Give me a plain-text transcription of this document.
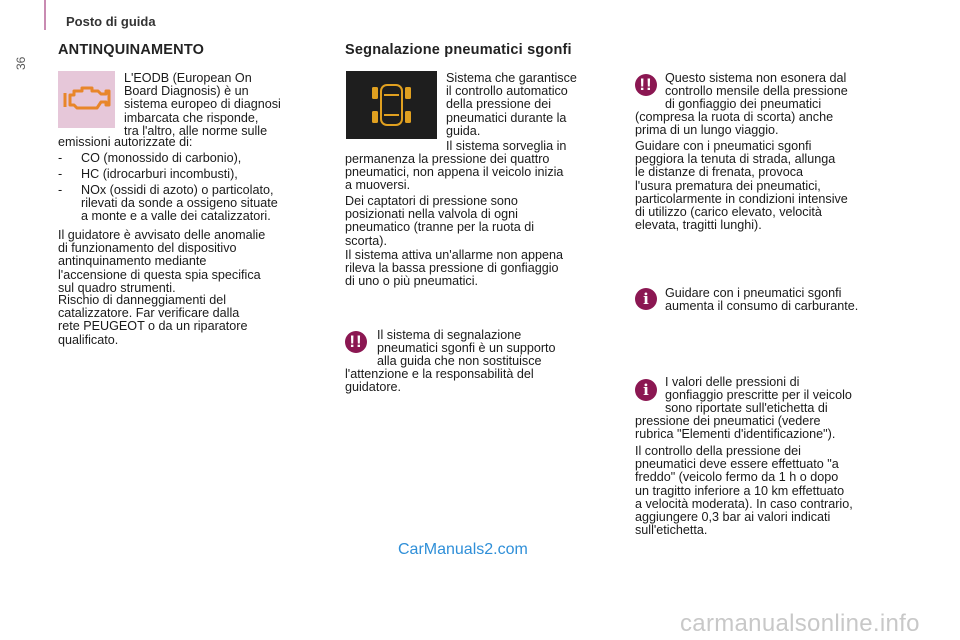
Posto di guida
36
ANTINQUINAMENTO
L'EODB (European On
Board Diagnosis) è un
sistema europeo di diagnosi
imbarcata che risponde,
tra l'altro, alle norme sulle
emissioni autorizzate di:
- CO (monossido di carbonio),
- HC (idrocarburi incombusti),
- NOx (ossidi di azoto) o particolato,
rilevati da sonde a ossigeno situate
a monte e a valle dei catalizzatori.
Il guidatore è avvisato delle anomalie
di funzionamento del dispositivo
antinquinamento mediante
l'accensione di questa spia specifica
sul quadro strumenti.
Rischio di danneggiamenti del
catalizzatore. Far verificare dalla
rete PEUGEOT o da un riparatore
qualificato.
Segnalazione pneumatici sgonfi
Sistema che garantisce
il controllo automatico
della pressione dei
pneumatici durante la
guida.
Il sistema sorveglia in
permanenza la pressione dei quattro
pneumatici, non appena il veicolo inizia
a muoversi.
Dei captatori di pressione sono
posizionati nella valvola di ogni
pneumatico (tranne per la ruota di
scorta).
Il sistema attiva un'allarme non appena
rileva la bassa pressione di gonfiaggio
di uno o più pneumatici.
!!	Il sistema di segnalazione
pneumatici sgonfi è un supporto
alla guida che non sostituisce
l'attenzione e la responsabilità del
guidatore.
!! Questo sistema non esonera dal
controllo mensile della pressione
di gonfiaggio dei pneumatici
(compresa la ruota di scorta) anche
prima di un lungo viaggio.
Guidare con i pneumatici sgonfi
peggiora la tenuta di strada, allunga
le distanze di frenata, provoca
l'usura prematura dei pneumatici,
particolarmente in condizioni intensive
di utilizzo (carico elevato, velocità
elevata, tragitti lunghi).
i	Guidare con i pneumatici sgonfi
aumenta il consumo di carburante.
i	I valori delle pressioni di
gonfiaggio prescritte per il veicolo
sono riportate sull'etichetta di
pressione dei pneumatici (vedere
rubrica "Elementi d'identificazione").
Il controllo della pressione dei
pneumatici deve essere effettuato "a
freddo" (veicolo fermo da 1 h o dopo
un tragitto inferiore a 10 km effettuato
a velocità moderata). In caso contrario,
aggiungere 0,3 bar ai valori indicati
sull'etichetta.
CarManuals2.com
carmanualsonline.info
